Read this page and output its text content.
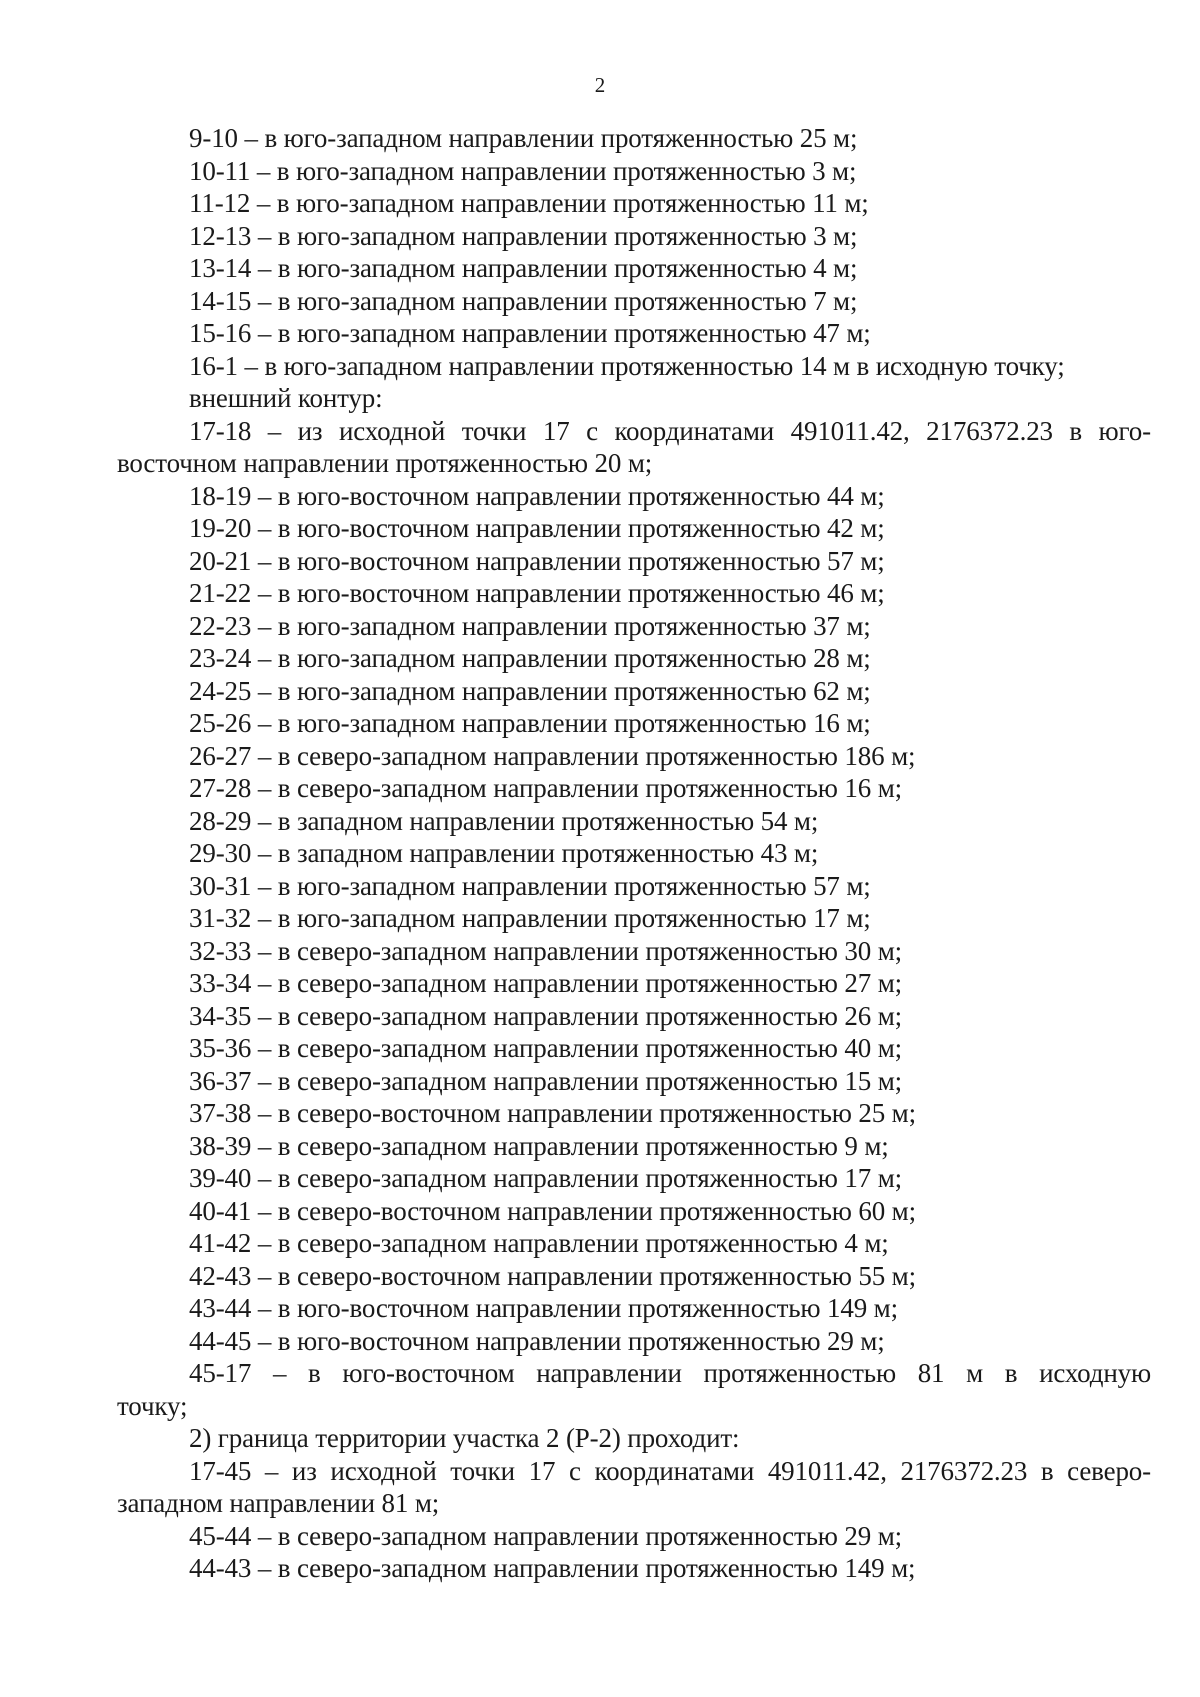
2
9-10 – в юго-западном направлении протяженностью 25 м;
10-11 – в юго-западном направлении протяженностью 3 м;
11-12 – в юго-западном направлении протяженностью 11 м;
12-13 – в юго-западном направлении протяженностью 3 м;
13-14 – в юго-западном направлении протяженностью 4 м;
14-15 – в юго-западном направлении протяженностью 7 м;
15-16 – в юго-западном направлении протяженностью 47 м;
16-1 – в юго-западном направлении протяженностью 14 м в исходную точку;
внешний контур:
17-18 – из исходной точки 17 с координатами 491011.42, 2176372.23 в юго-
восточном направлении протяженностью 20 м;
18-19 – в юго-восточном направлении протяженностью 44 м;
19-20 – в юго-восточном направлении протяженностью 42 м;
20-21 – в юго-восточном направлении протяженностью 57 м;
21-22 – в юго-восточном направлении протяженностью 46 м;
22-23 – в юго-западном направлении протяженностью 37 м;
23-24 – в юго-западном направлении протяженностью 28 м;
24-25 – в юго-западном направлении протяженностью 62 м;
25-26 – в юго-западном направлении протяженностью 16 м;
26-27 – в северо-западном направлении протяженностью 186 м;
27-28 – в северо-западном направлении протяженностью 16 м;
28-29 – в западном направлении протяженностью 54 м;
29-30 – в западном направлении протяженностью 43 м;
30-31 – в юго-западном направлении протяженностью 57 м;
31-32 – в юго-западном направлении протяженностью 17 м;
32-33 – в северо-западном направлении протяженностью 30 м;
33-34 – в северо-западном направлении протяженностью 27 м;
34-35 – в северо-западном направлении протяженностью 26 м;
35-36 – в северо-западном направлении протяженностью 40 м;
36-37 – в северо-западном направлении протяженностью 15 м;
37-38 – в северо-восточном направлении протяженностью 25 м;
38-39 – в северо-западном направлении протяженностью 9 м;
39-40 – в северо-западном направлении протяженностью 17 м;
40-41 – в северо-восточном направлении протяженностью 60 м;
41-42 – в северо-западном направлении протяженностью 4 м;
42-43 – в северо-восточном направлении протяженностью 55 м;
43-44 – в юго-восточном направлении протяженностью 149 м;
44-45 – в юго-восточном направлении протяженностью 29 м;
45-17 – в юго-восточном направлении протяженностью 81 м в исходную
точку;
2) граница территории участка 2 (Р-2) проходит:
17-45 – из исходной точки 17 с координатами 491011.42, 2176372.23 в северо-
западном направлении 81 м;
45-44 – в северо-западном направлении протяженностью 29 м;
44-43 – в северо-западном направлении протяженностью 149 м;
